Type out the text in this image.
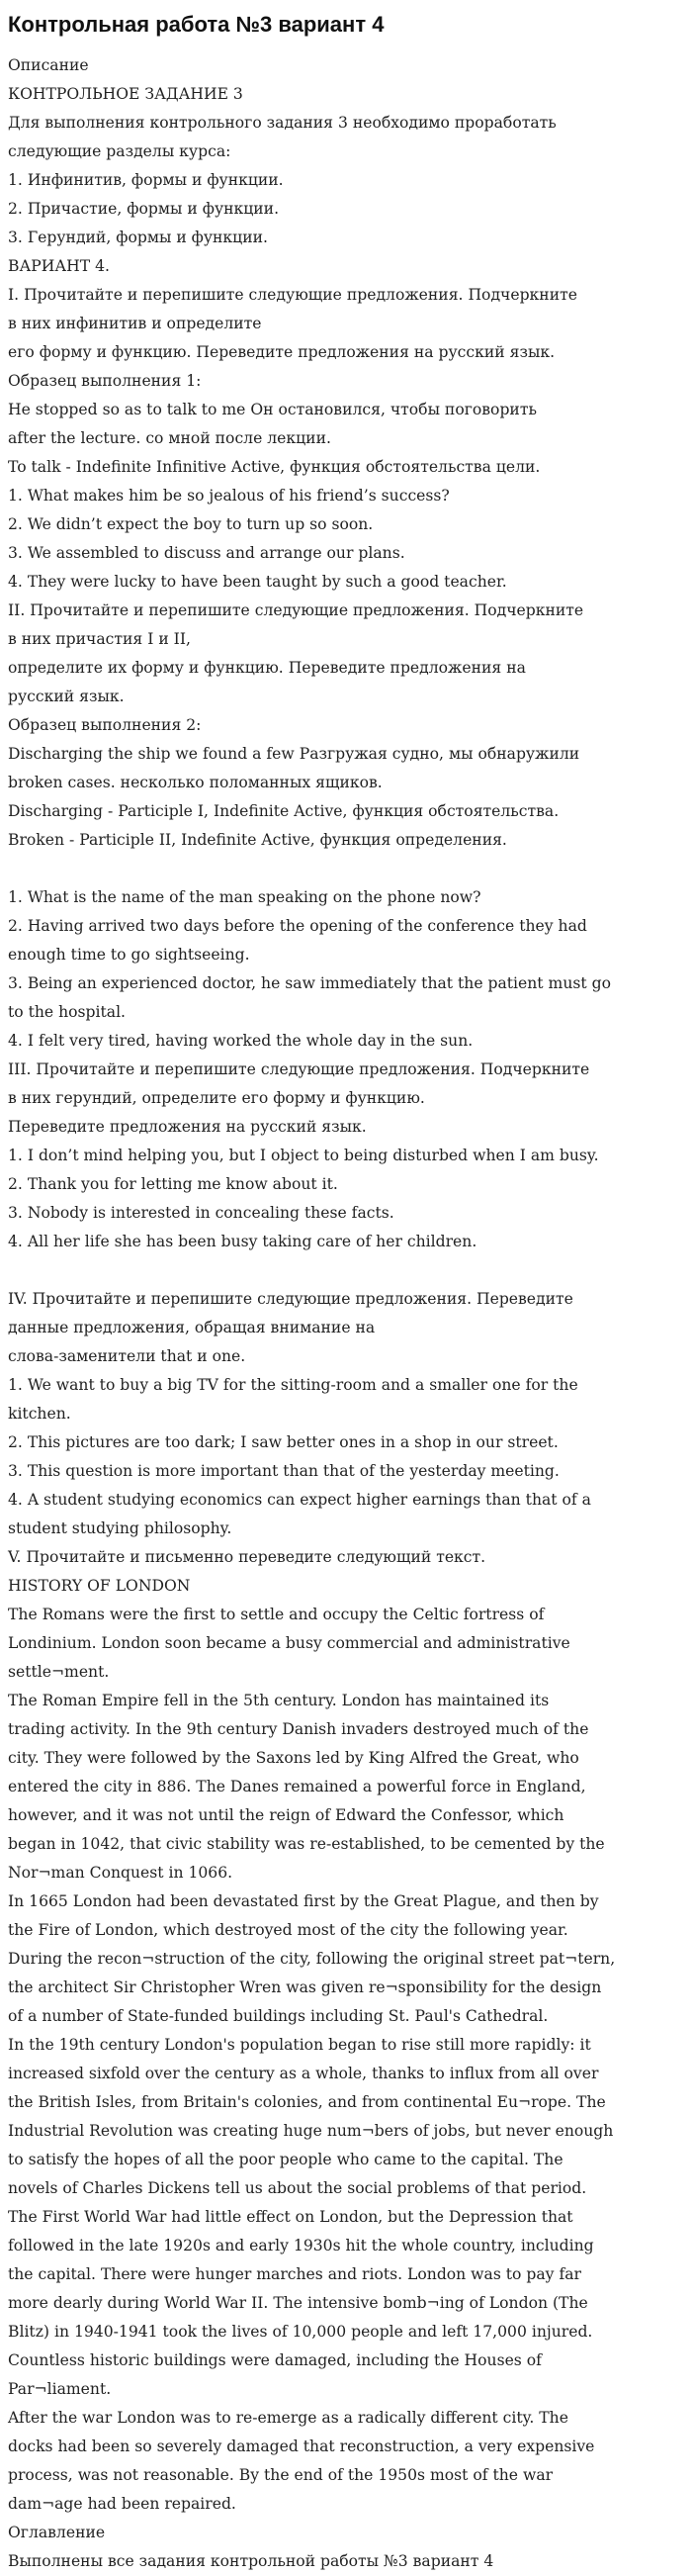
Контрольная работа №3 вариант 4
Описание
КОНТРОЛЬНОЕ ЗАДАНИЕ 3
Для выполнения контрольного задания 3 необходимо проработать
следующие разделы курса:
1. Инфинитив, формы и функции.
2. Причастие, формы и функции.
3. Герундий, формы и функции.
ВАРИАНТ 4.
I. Прочитайте и перепишите следующие предложения. Подчеркните
в них инфинитив и определите
его форму и функцию. Переведите предложения на русский язык.
Образец выполнения 1:
He stopped so as to talk to me Он остановился, чтобы поговорить
after the lecture. со мной после лекции.
To talk - Indefinite Infinitive Active, функция обстоятельства цели.
1. What makes him be so jealous of his friend’s success?
2. We didn’t expect the boy to turn up so soon.
3. We assembled to discuss and arrange our plans.
4. They were lucky to have been taught by such a good teacher.
II. Прочитайте и перепишите следующие предложения. Подчеркните
в них причастия I и II,
определите их форму и функцию. Переведите предложения на
русский язык.
Образец выполнения 2:
Discharging the ship we found a few Разгружая судно, мы обнаружили
broken cases. несколько поломанных ящиков.
Discharging - Participle I, Indefinite Active, функция обстоятельства.
Broken - Participle II, Indefinite Active, функция определения.
1. What is the name of the man speaking on the phone now?
2. Having arrived two days before the opening of the conference they had
enough time to go sightseeing.
3. Being an experienced doctor, he saw immediately that the patient must go
to the hospital.
4. I felt very tired, having worked the whole day in the sun.
III. Прочитайте и перепишите следующие предложения. Подчеркните
в них герундий, определите его форму и функцию.
Переведите предложения на русский язык.
1. I don’t mind helping you, but I object to being disturbed when I am busy.
2. Thank you for letting me know about it.
3. Nobody is interested in concealing these facts.
4. All her life she has been busy taking care of her children.
IV. Прочитайте и перепишите следующие предложения. Переведите
данные предложения, обращая внимание на
слова-заменители that и one.
1. We want to buy a big TV for the sitting-room and a smaller one for the
kitchen.
2. This pictures are too dark; I saw better ones in a shop in our street.
3. This question is more important than that of the yesterday meeting.
4. A student studying economics can expect higher earnings than that of a
student studying philosophy.
V. Прочитайте и письменно переведите следующий текст.
HISTORY OF LONDON
The Romans were the first to settle and occupy the Celtic fortress of
Londinium. London soon became a busy commercial and administrative
settle¬ment.
The Roman Empire fell in the 5th century. London has maintained its
trading activity. In the 9th century Danish invaders destroyed much of the
city. They were followed by the Saxons led by King Alfred the Great, who
entered the city in 886. The Danes remained a powerful force in England,
however, and it was not until the reign of Edward the Confessor, which
began in 1042, that civic stability was re-established, to be cemented by the
Nor¬man Conquest in 1066.
In 1665 London had been devastated first by the Great Plague, and then by
the Fire of London, which destroyed most of the city the following year.
During the recon¬struction of the city, following the original street pat¬tern,
the architect Sir Christopher Wren was given re¬sponsibility for the design
of a number of State-funded buildings including St. Paul's Cathedral.
In the 19th century London's population began to rise still more rapidly: it
increased sixfold over the century as a whole, thanks to influx from all over
the British Isles, from Britain's colonies, and from continental Eu¬rope. The
Industrial Revolution was creating huge num¬bers of jobs, but never enough
to satisfy the hopes of all the poor people who came to the capital. The
novels of Charles Dickens tell us about the social problems of that period.
The First World War had little effect on London, but the Depression that
followed in the late 1920s and early 1930s hit the whole country, including
the capital. There were hunger marches and riots. London was to pay far
more dearly during World War II. The intensive bomb¬ing of London (The
Blitz) in 1940-1941 took the lives of 10,000 people and left 17,000 injured.
Countless historic buildings were damaged, including the Houses of
Par¬liament.
After the war London was to re-emerge as a radically different city. The
docks had been so severely damaged that reconstruction, a very expensive
process, was not reasonable. By the end of the 1950s most of the war
dam¬age had been repaired.
Оглавление
Выполнены все задания контрольной работы №3 вариант 4
